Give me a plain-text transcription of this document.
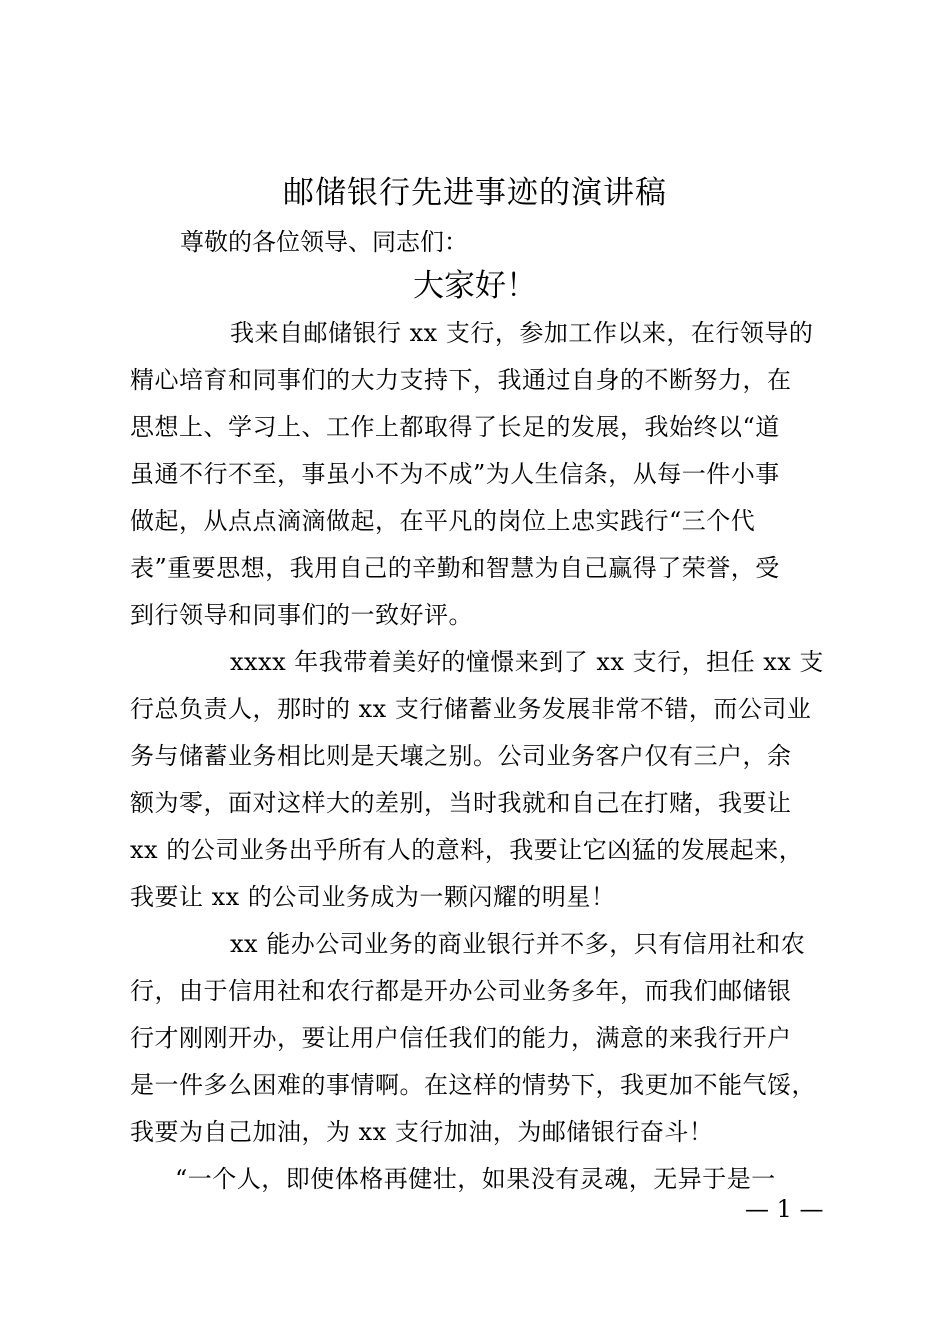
邮储银行先进事迹的演讲稿
尊敬的各位领导、同志们：
大家好！
我来自邮储银行 xx 支行，参加工作以来，在行领导的
精心培育和同事们的大力支持下，我通过自身的不断努力，在
思想上、学习上、工作上都取得了长足的发展，我始终以“道
虽通不行不至，事虽小不为不成”为人生信条，从每一件小事
做起，从点点滴滴做起，在平凡的岗位上忠实践行“三个代
表”重要思想，我用自己的辛勤和智慧为自己赢得了荣誉，受
到行领导和同事们的一致好评。
xxxx 年我带着美好的憧憬来到了 xx 支行，担任 xx 支
行总负责人，那时的 xx 支行储蓄业务发展非常不错，而公司业
务与储蓄业务相比则是天壤之别。公司业务客户仅有三户，余
额为零，面对这样大的差别，当时我就和自己在打赌，我要让
xx 的公司业务出乎所有人的意料，我要让它凶猛的发展起来，
我要让 xx 的公司业务成为一颗闪耀的明星！
xx 能办公司业务的商业银行并不多，只有信用社和农
行，由于信用社和农行都是开办公司业务多年，而我们邮储银
行才刚刚开办，要让用户信任我们的能力，满意的来我行开户
是一件多么困难的事情啊。在这样的情势下，我更加不能气馁，
我要为自己加油，为 xx 支行加油，为邮储银行奋斗！
“一个人，即使体格再健壮，如果没有灵魂，无异于是一
— 1 —
